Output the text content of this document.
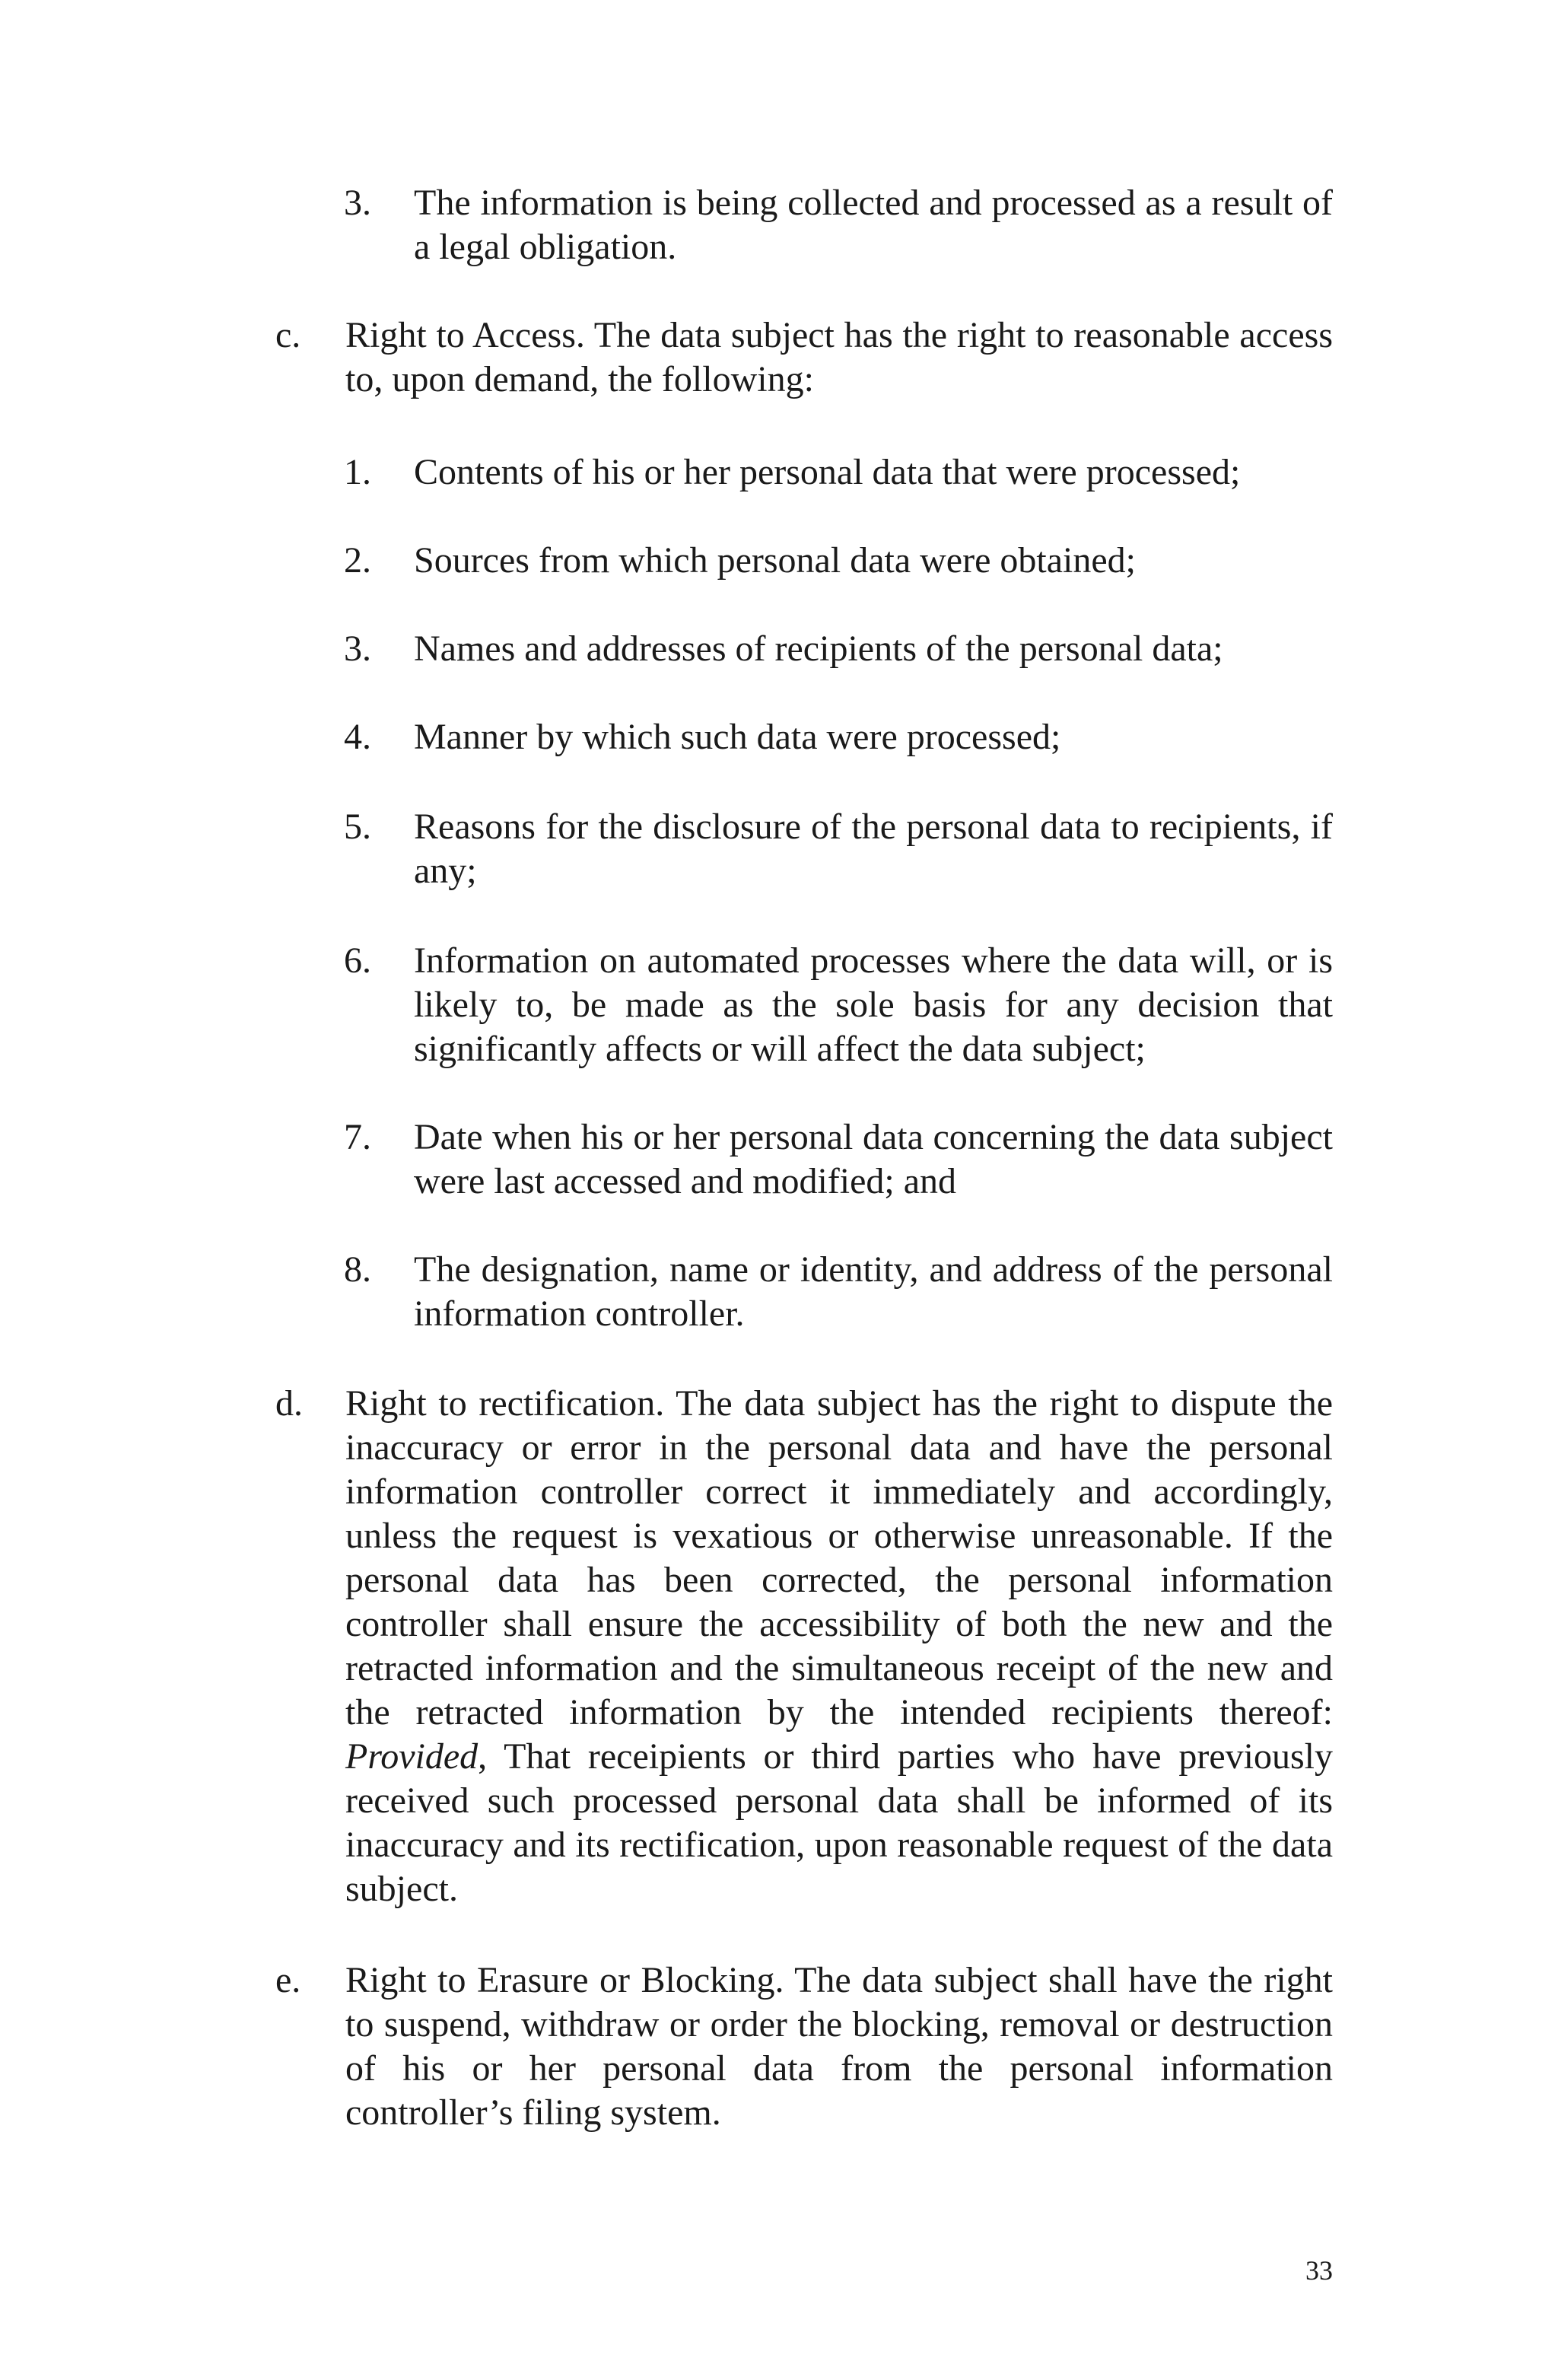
3. The information is being collected and processed as a result of a legal obligation.
c. Right to Access. The data subject has the right to reasonable access to, upon demand, the following:
1. Contents of his or her personal data that were processed;
2. Sources from which personal data were obtained;
3. Names and addresses of recipients of the personal data;
4. Manner by which such data were processed;
5. Reasons for the disclosure of the personal data to recipients, if any;
6. Information on automated processes where the data will, or is likely to, be made as the sole basis for any decision that significantly affects or will affect the data subject;
7. Date when his or her personal data concerning the data subject were last accessed and modified; and
8. The designation, name or identity, and address of the personal information controller.
d. Right to rectification. The data subject has the right to dispute the inaccuracy or error in the personal data and have the personal information controller correct it immediately and accordingly, unless the request is vexatious or otherwise unreasonable. If the personal data has been corrected, the personal information controller shall ensure the accessibility of both the new and the retracted information and the simultaneous receipt of the new and the retracted information by the intended recipients thereof: Provided, That receipients or third parties who have previously received such processed personal data shall be informed of its inaccuracy and its rectification, upon reasonable request of the data subject.
e. Right to Erasure or Blocking. The data subject shall have the right to suspend, withdraw or order the blocking, removal or destruction of his or her personal data from the personal information controller’s filing system.
33
